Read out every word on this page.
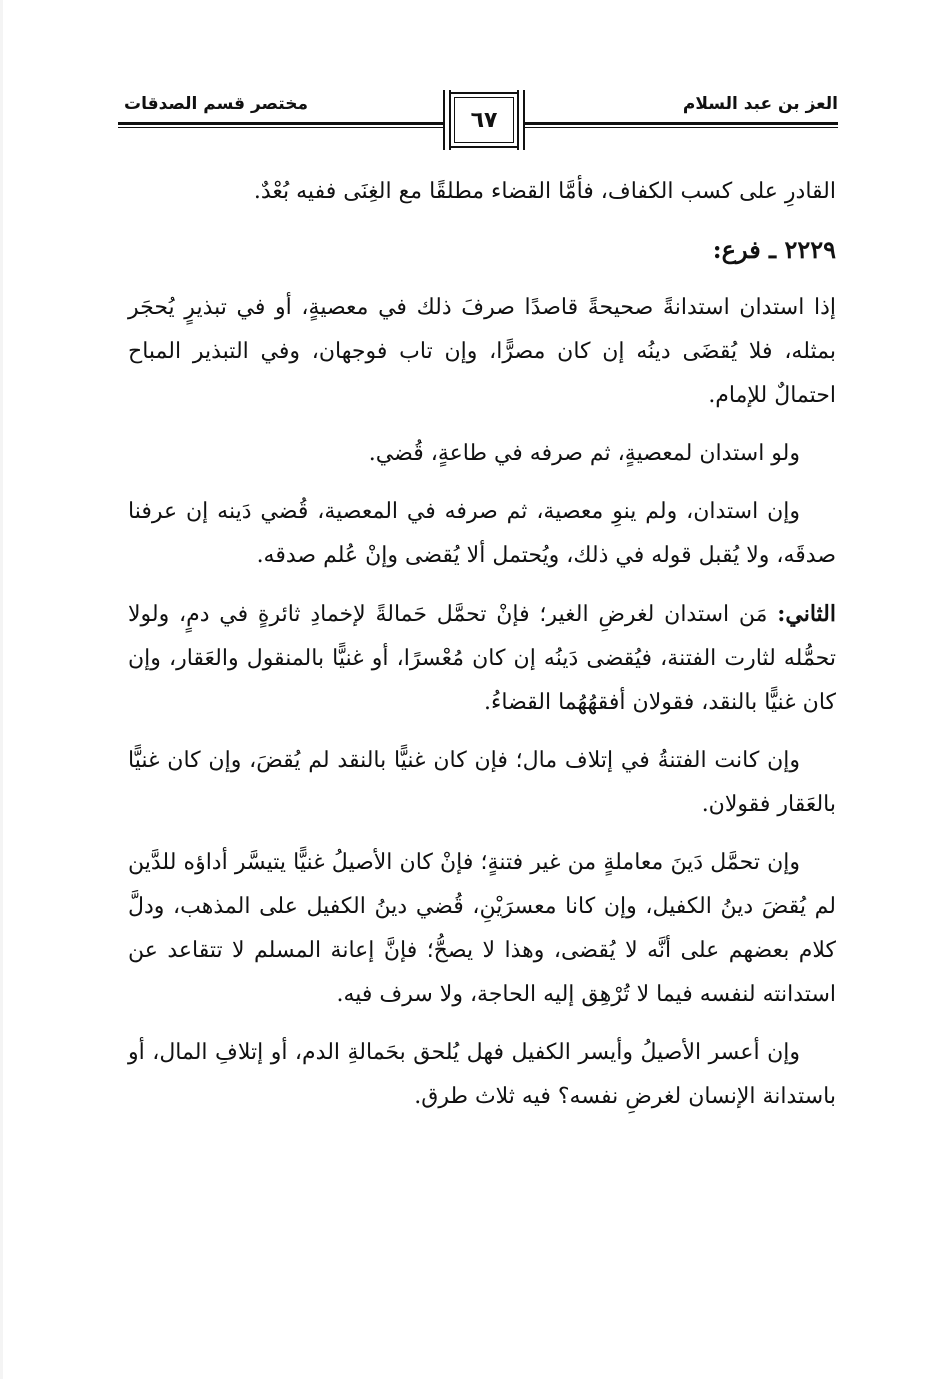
العز بن عبد السلام
مختصر قسم الصدقات
٦٧

القادرِ على كسب الكفاف، فأمَّا القضاء مطلقًا مع الغِنَى ففيه بُعْدٌ.

٢٢٢٩ ـ فرع:

إذا استدان استدانةً صحيحةً قاصدًا صرفَ ذلك في معصيةٍ، أو في تبذيرٍ يُحجَر بمثله، فلا يُقضَى دينُه إن كان مصرًّا، وإن تاب فوجهان، وفي التبذير المباح احتمالٌ للإمام.

ولو استدان لمعصيةٍ، ثم صرفه في طاعةٍ، قُضي.

وإن استدان، ولم ينوِ معصية، ثم صرفه في المعصية، قُضي دَينه إن عرفنا صدقَه، ولا يُقبل قوله في ذلك، ويُحتمل ألا يُقضى وإنْ عُلم صدقه.

الثاني: مَن استدان لغرضِ الغير؛ فإنْ تحمَّل حَمالةً لإخمادِ ثائرةٍ في دمٍ، ولولا تحمُّله لثارت الفتنة، فيُقضى دَينُه إن كان مُعْسرًا، أو غنيًّا بالمنقول والعَقار، وإن كان غنيًّا بالنقد، فقولان أفقهُهُما القضاءُ.

وإن كانت الفتنةُ في إتلاف مال؛ فإن كان غنيًّا بالنقد لم يُقضَ، وإن كان غنيًّا بالعَقار فقولان.

وإن تحمَّل دَينَ معاملةٍ من غير فتنةٍ؛ فإنْ كان الأصيلُ غنيًّا يتيسَّر أداؤه للدَّين لم يُقضَ دينُ الكفيل، وإن كانا معسرَيْنِ، قُضي دينُ الكفيل على المذهب، ودلَّ كلام بعضهم على أنَّه لا يُقضى، وهذا لا يصحُّ؛ فإنَّ إعانة المسلم لا تتقاعد عن استدانته لنفسه فيما لا تُرْهِق إليه الحاجة، ولا سرف فيه.

وإن أعسر الأصيلُ وأيسر الكفيل فهل يُلحق بحَمالةِ الدم، أو إتلافِ المال، أو باستدانة الإنسان لغرضِ نفسه؟ فيه ثلاث طرق.
